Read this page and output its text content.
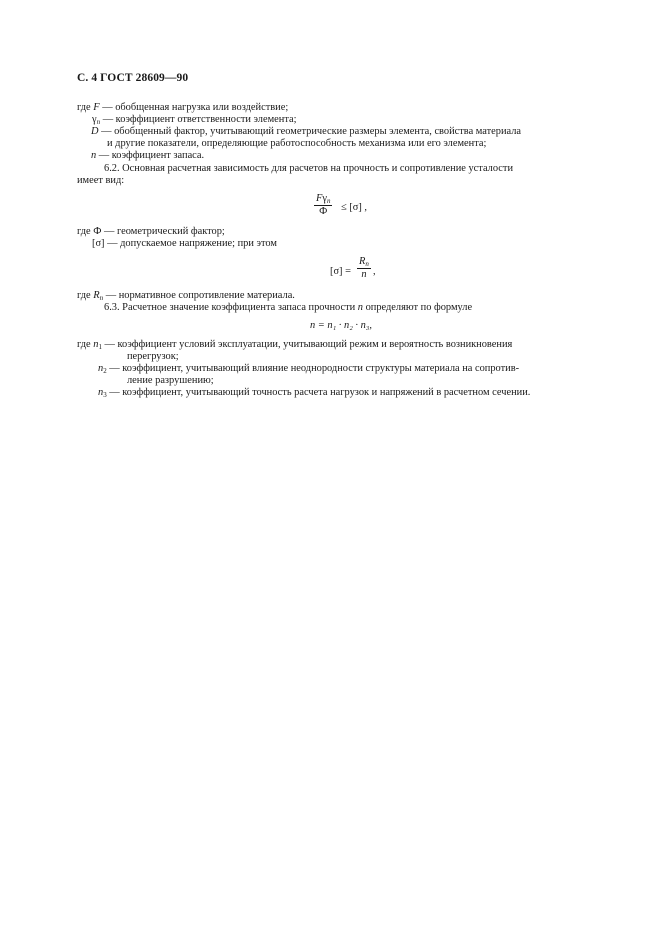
С. 4 ГОСТ 28609—90
где F — обобщенная нагрузка или воздействие;
$\gamma_n$ — коэффициент ответственности элемента;
D — обобщенный фактор, учитывающий геометрические размеры элемента, свойства материала
и другие показатели, определяющие работоспособность механизма или его элемента;
n — коэффициент запаса.
6.2. Основная расчетная зависимость для расчетов на прочность и сопротивление усталости
имеет вид:
$F\gamma_n$
Ф	≤ [σ] ,
где Ф — геометрический фактор;
[σ] — допускаемое напряжение; при этом
$[\sigma] = \frac{R_n}{n}$ ,
где $R_n$ — нормативное сопротивление материала.
6.3. Расчетное значение коэффициента запаса прочности n определяют по формуле
n = n₁ · n₂ · n₃,
где $n_1$ — коэффициент условий эксплуатации, учитывающий режим и вероятность возникновения
перегрузок;
$n_2$ — коэффициент, учитывающий влияние неоднородности структуры материала на сопротив-
ление разрушению;
$n_3$ — коэффициент, учитывающий точность расчета нагрузок и напряжений в расчетном сечении.
